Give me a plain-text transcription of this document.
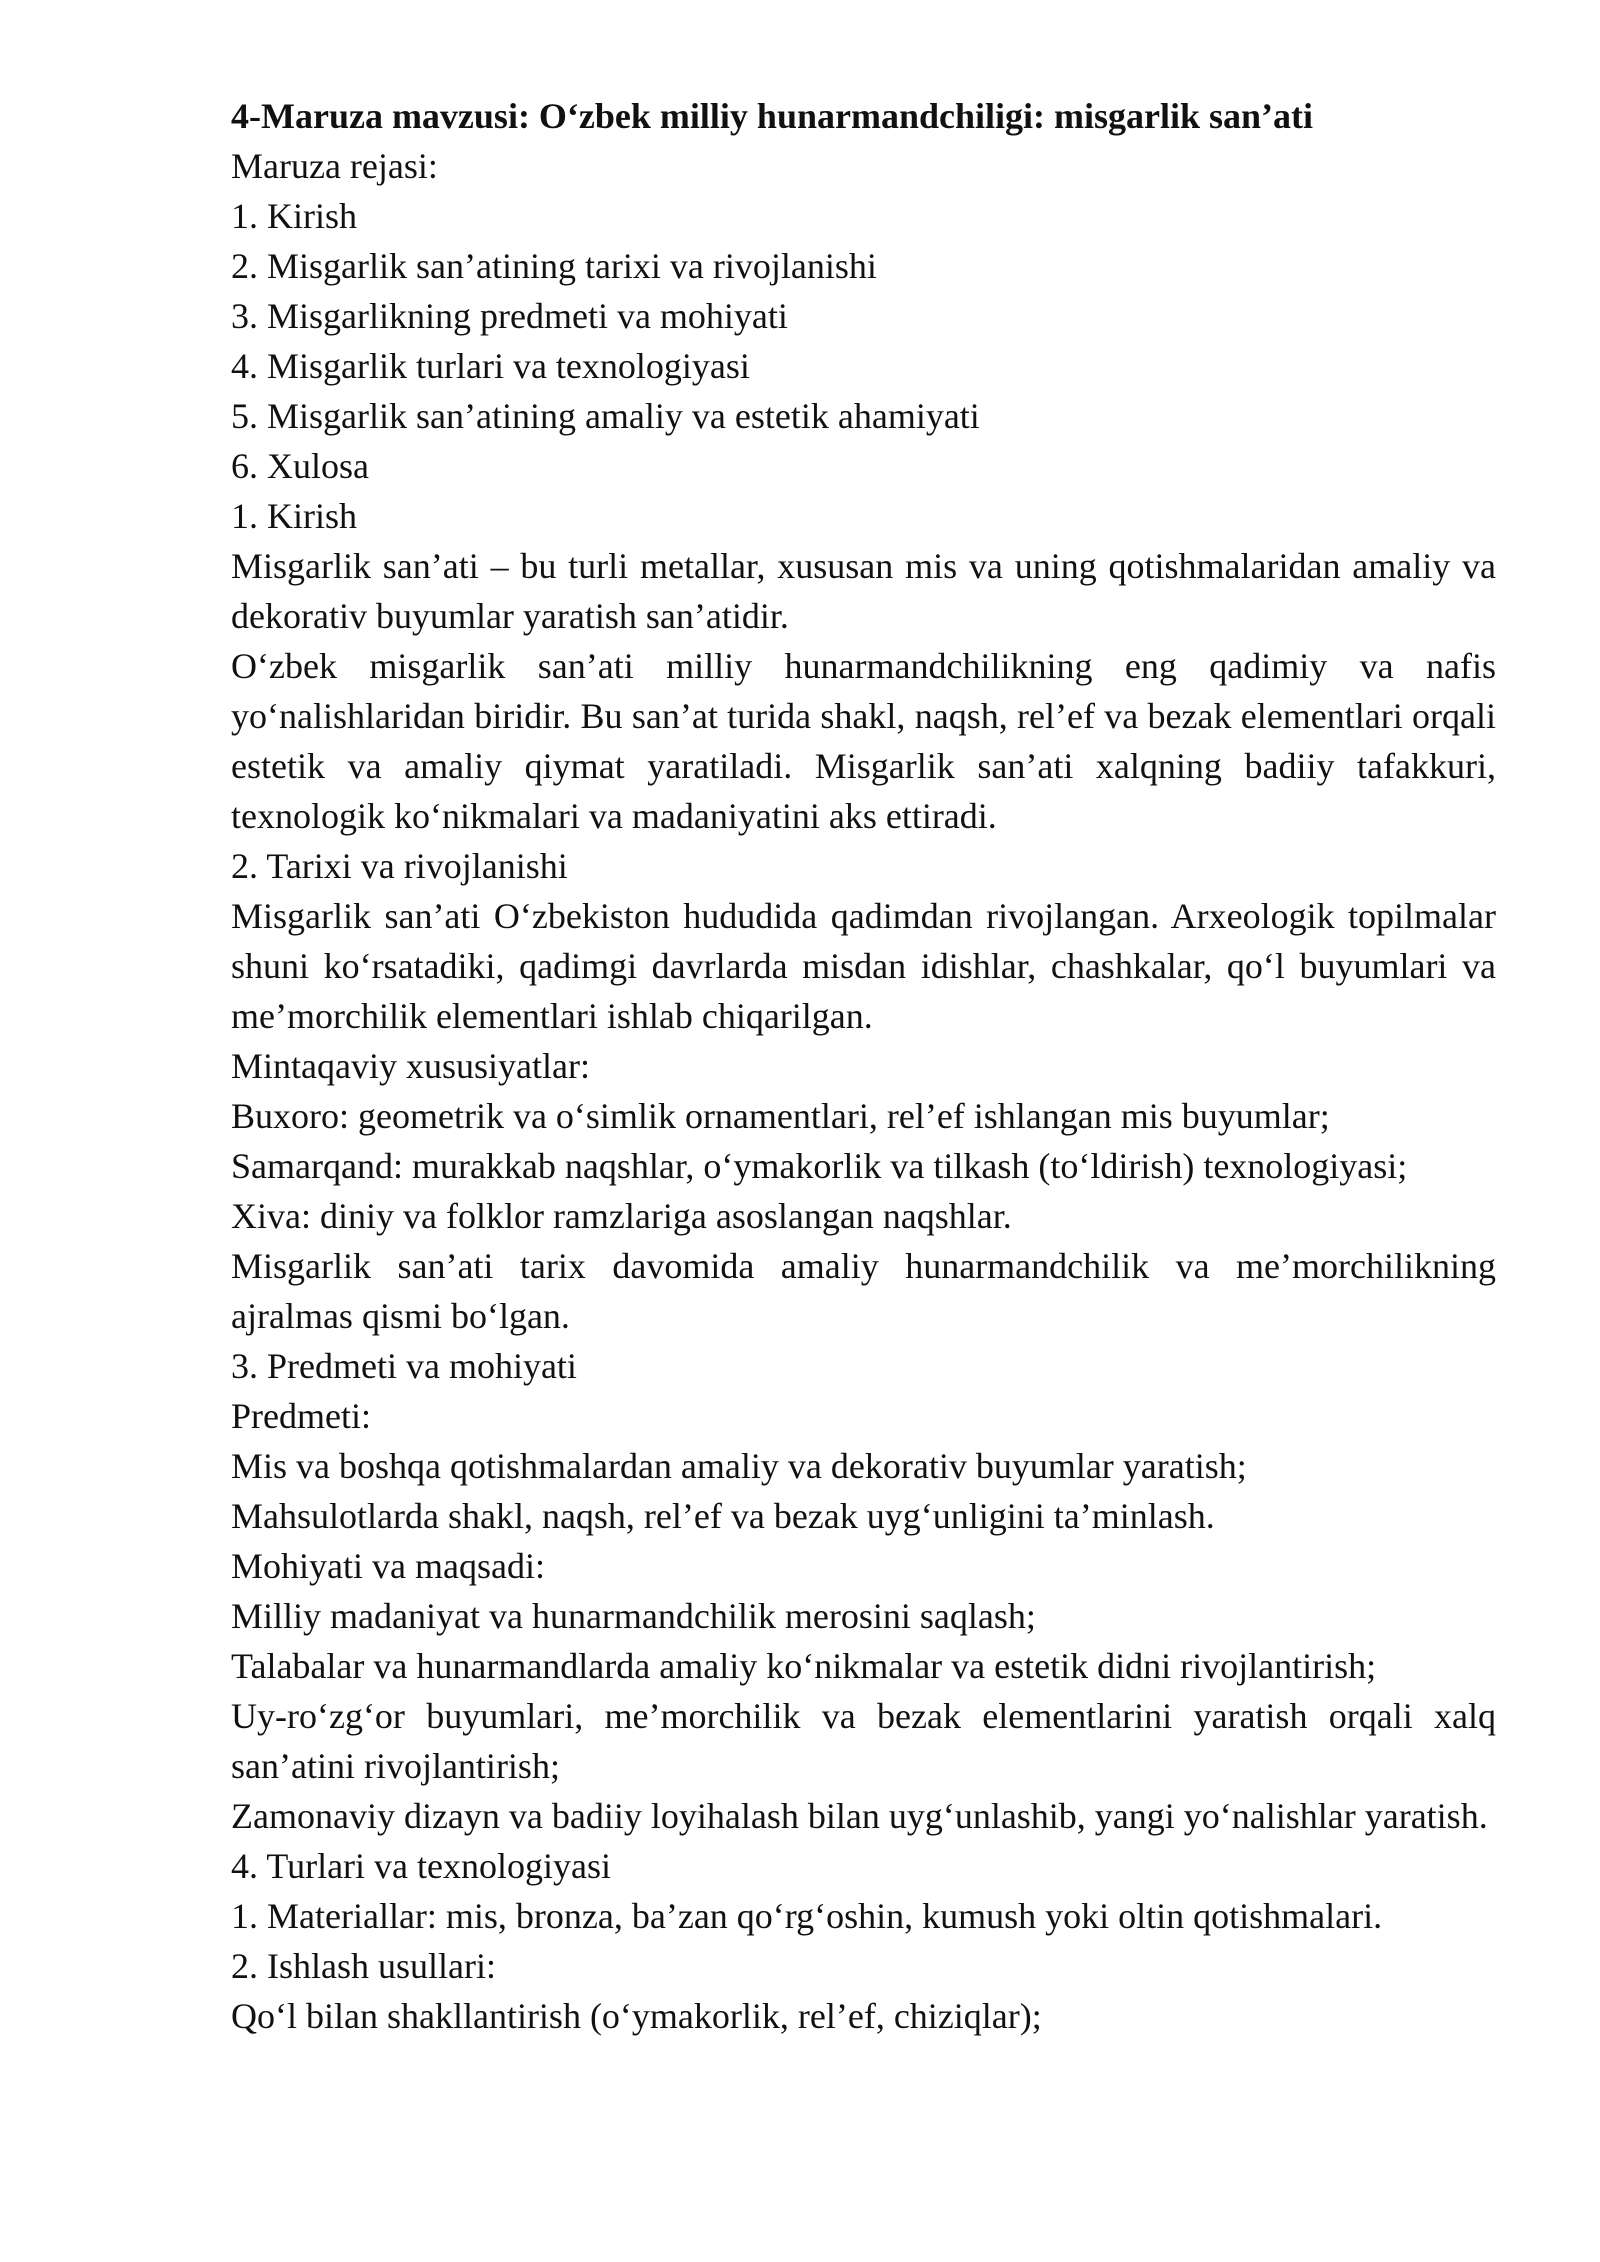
4-Maruza mavzusi: O‘zbek milliy hunarmandchiligi: misgarlik san’ati

Maruza rejasi:

1. Kirish

2. Misgarlik san’atining tarixi va rivojlanishi

3. Misgarlikning predmeti va mohiyati

4. Misgarlik turlari va texnologiyasi

5. Misgarlik san’atining amaliy va estetik ahamiyati

6. Xulosa

1. Kirish

Misgarlik san’ati – bu turli metallar, xususan mis va uning qotishmalaridan amaliy va dekorativ buyumlar yaratish san’atidir.

O‘zbek misgarlik san’ati milliy hunarmandchilikning eng qadimiy va nafis yo‘nalishlaridan biridir. Bu san’at turida shakl, naqsh, rel’ef va bezak elementlari orqali estetik va amaliy qiymat yaratiladi. Misgarlik san’ati xalqning badiiy tafakkuri, texnologik ko‘nikmalari va madaniyatini aks ettiradi.

2. Tarixi va rivojlanishi

Misgarlik san’ati O‘zbekiston hududida qadimdan rivojlangan. Arxeologik topilmalar shuni ko‘rsatadiki, qadimgi davrlarda misdan idishlar, chashkalar, qo‘l buyumlari va me’morchilik elementlari ishlab chiqarilgan.

Mintaqaviy xususiyatlar:

Buxoro: geometrik va o‘simlik ornamentlari, rel’ef ishlangan mis buyumlar;

Samarqand: murakkab naqshlar, o‘ymakorlik va tilkash (to‘ldirish) texnologiyasi;

Xiva: diniy va folklor ramzlariga asoslangan naqshlar.

Misgarlik san’ati tarix davomida amaliy hunarmandchilik va me’morchilikning ajralmas qismi bo‘lgan.

3. Predmeti va mohiyati

Predmeti:

Mis va boshqa qotishmalardan amaliy va dekorativ buyumlar yaratish;

Mahsulotlarda shakl, naqsh, rel’ef va bezak uyg‘unligini ta’minlash.

Mohiyati va maqsadi:

Milliy madaniyat va hunarmandchilik merosini saqlash;

Talabalar va hunarmandlarda amaliy ko‘nikmalar va estetik didni rivojlantirish;

Uy-ro‘zg‘or buyumlari, me’morchilik va bezak elementlarini yaratish orqali xalq san’atini rivojlantirish;

Zamonaviy dizayn va badiiy loyihalash bilan uyg‘unlashib, yangi yo‘nalishlar yaratish.

4. Turlari va texnologiyasi

1. Materiallar: mis, bronza, ba’zan qo‘rg‘oshin, kumush yoki oltin qotishmalari.

2. Ishlash usullari:

Qo‘l bilan shakllantirish (o‘ymakorlik, rel’ef, chiziqlar);
